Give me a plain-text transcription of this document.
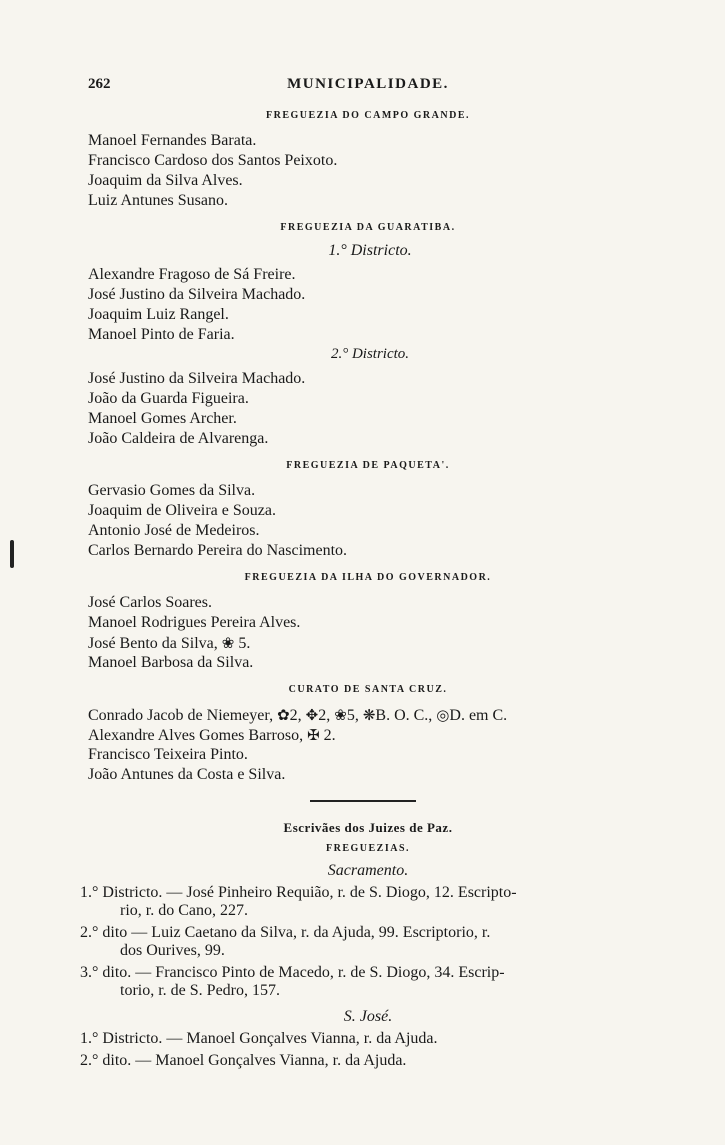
262	MUNICIPALIDADE.
FREGUEZIA DO CAMPO GRANDE.
Manoel Fernandes Barata.
Francisco Cardoso dos Santos Peixoto.
Joaquim da Silva Alves.
Luiz Antunes Susano.
FREGUEZIA DA GUARATIBA.
1.° Districto.
Alexandre Fragoso de Sá Freire.
José Justino da Silveira Machado.
Joaquim Luiz Rangel.
Manoel Pinto de Faria.
2.° Districto.
José Justino da Silveira Machado.
João da Guarda Figueira.
Manoel Gomes Archer.
João Caldeira de Alvarenga.
FREGUEZIA DE PAQUETA'.
Gervasio Gomes da Silva.
Joaquim de Oliveira e Souza.
Antonio José de Medeiros.
Carlos Bernardo Pereira do Nascimento.
FREGUEZIA DA ILHA DO GOVERNADOR.
José Carlos Soares.
Manoel Rodrigues Pereira Alves.
José Bento da Silva, ❀ 5.
Manoel Barbosa da Silva.
CURATO DE SANTA CRUZ.
Conrado Jacob de Niemeyer, ✿2, ✥2, ❀5, ❋B. O. C., ◎D. em C.
Alexandre Alves Gomes Barroso, ✠ 2.
Francisco Teixeira Pinto.
João Antunes da Costa e Silva.
Escrivães dos Juizes de Paz.
FREGUEZIAS.
Sacramento.
1.° Districto. — José Pinheiro Requião, r. de S. Diogo, 12. Escripto-
rio, r. do Cano, 227.
2.° dito — Luiz Caetano da Silva, r. da Ajuda, 99. Escriptorio, r.
dos Ourives, 99.
3.° dito. — Francisco Pinto de Macedo, r. de S. Diogo, 34. Escrip-
torio, r. de S. Pedro, 157.
S. José.
1.° Districto. — Manoel Gonçalves Vianna, r. da Ajuda.
2.° dito. — Manoel Gonçalves Vianna, r. da Ajuda.
